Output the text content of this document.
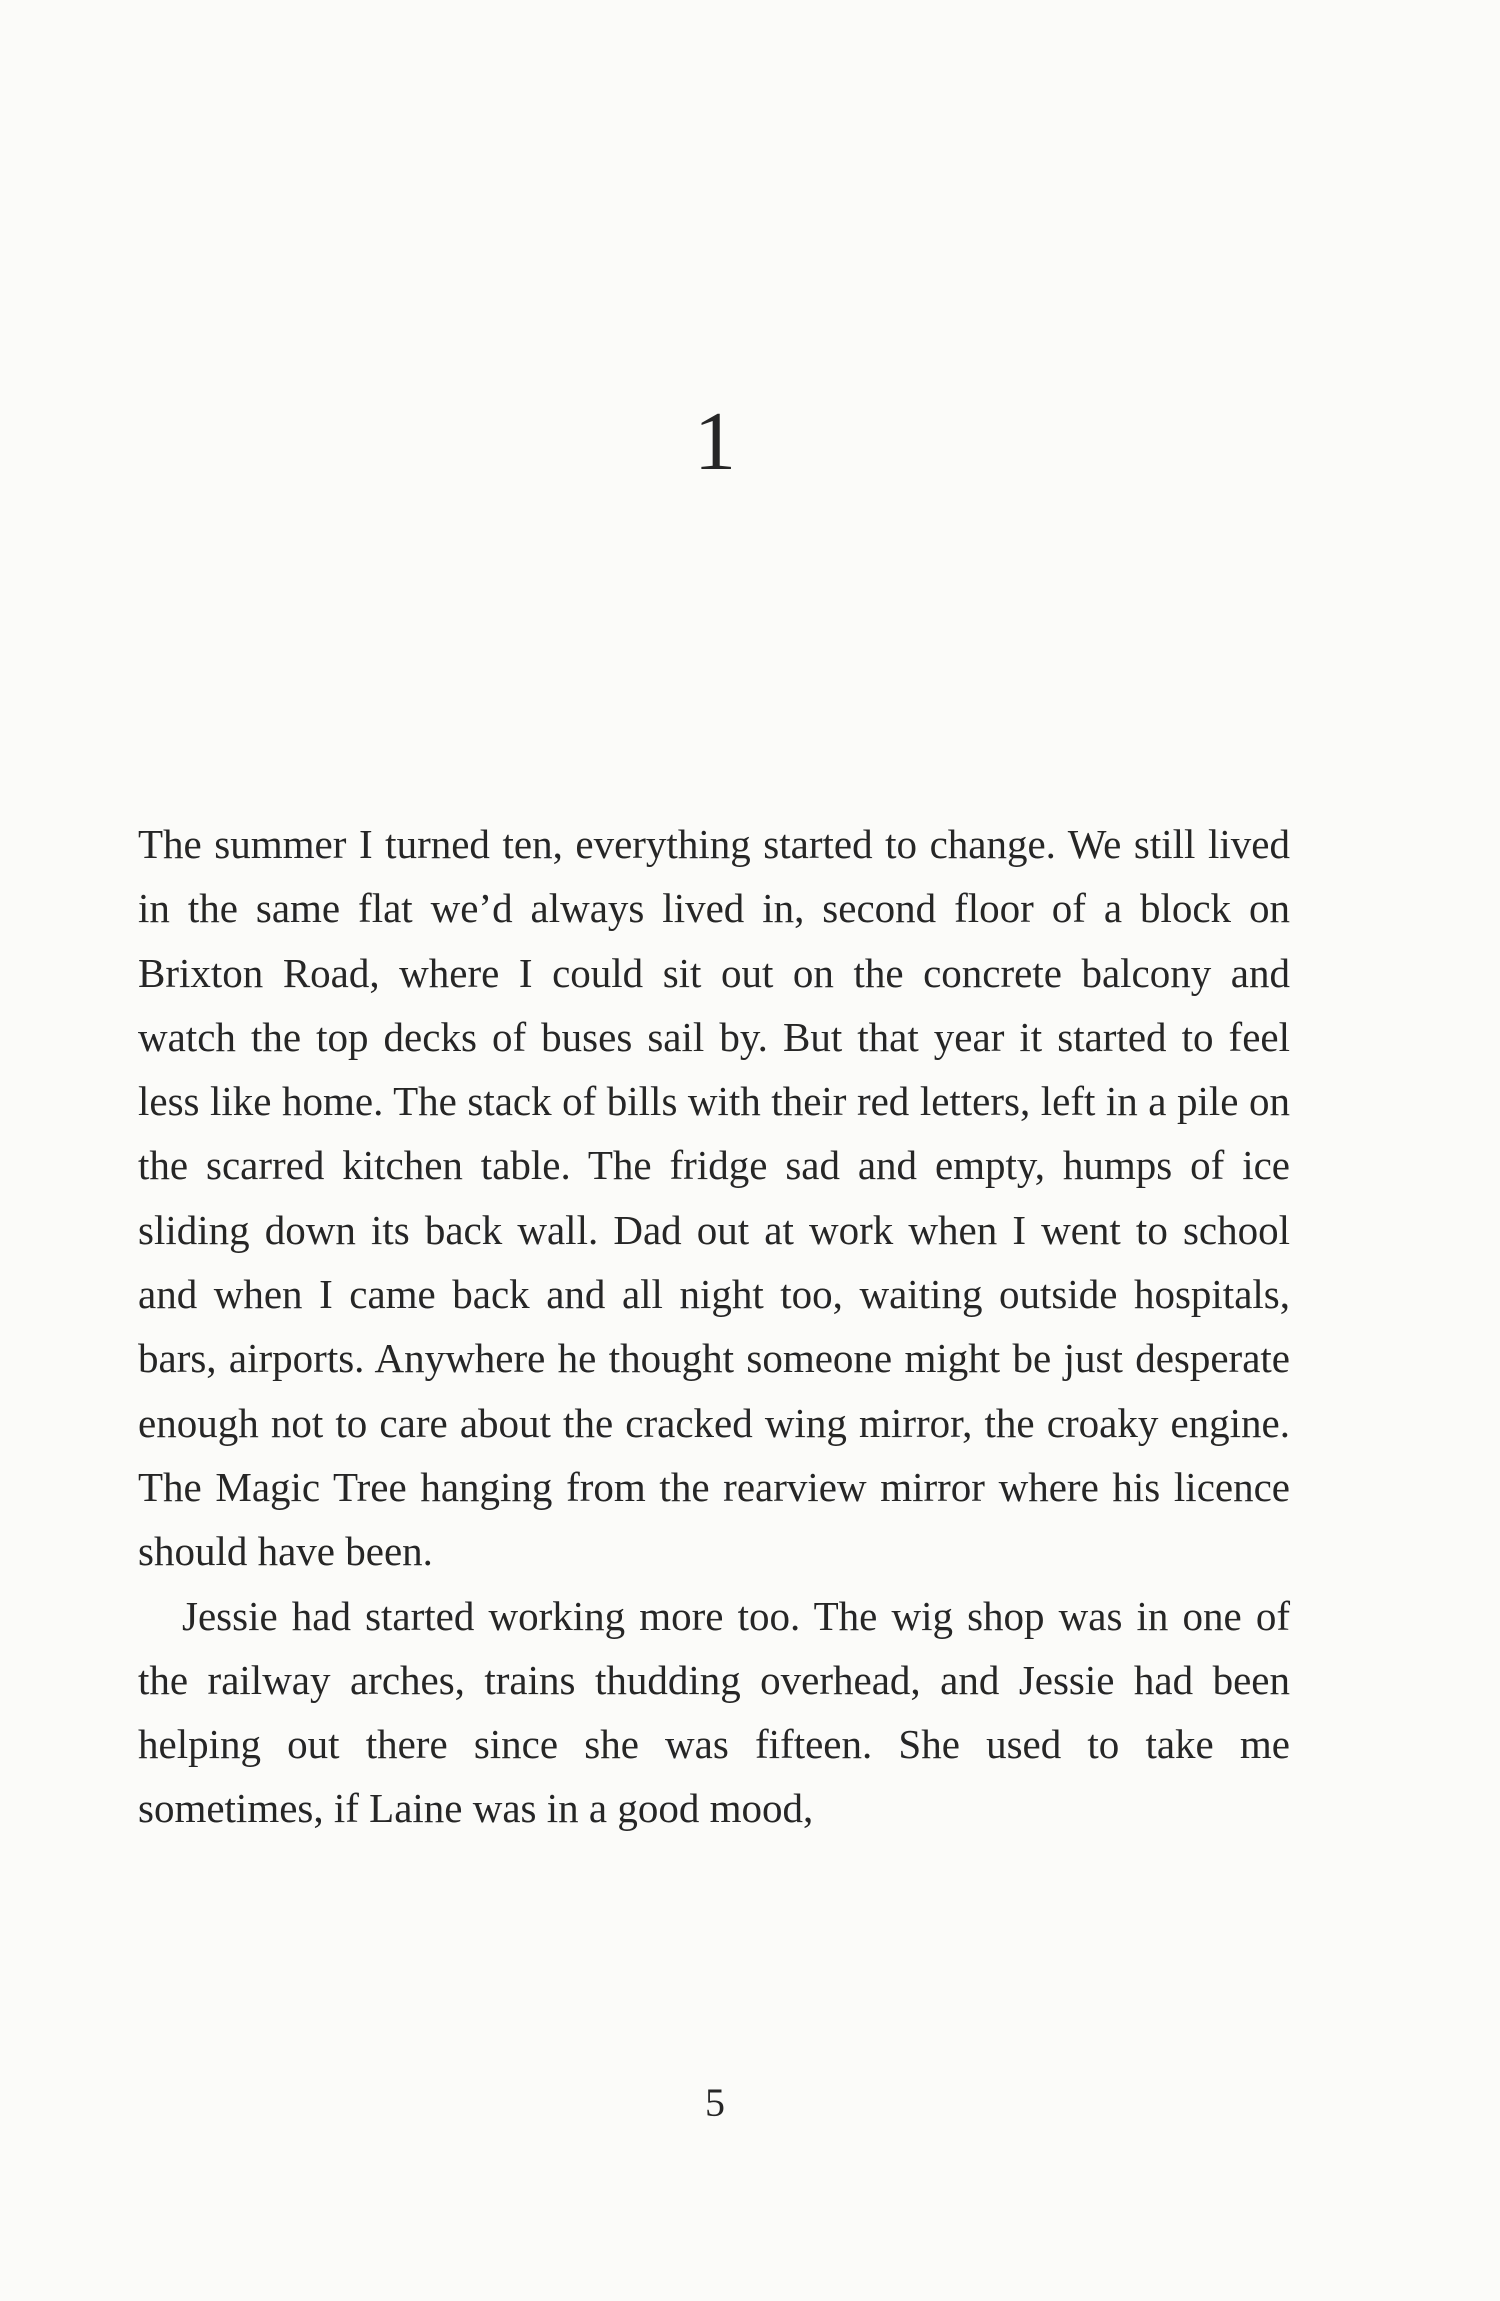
1

The summer I turned ten, everything started to change. We still lived in the same flat we’d always lived in, second floor of a block on Brixton Road, where I could sit out on the concrete balcony and watch the top decks of buses sail by. But that year it started to feel less like home. The stack of bills with their red letters, left in a pile on the scarred kitchen table. The fridge sad and empty, humps of ice sliding down its back wall. Dad out at work when I went to school and when I came back and all night too, waiting outside hospitals, bars, airports. Anywhere he thought someone might be just desperate enough not to care about the cracked wing mirror, the croaky engine. The Magic Tree hanging from the rearview mirror where his licence should have been.

Jessie had started working more too. The wig shop was in one of the railway arches, trains thudding overhead, and Jessie had been helping out there since she was fifteen. She used to take me sometimes, if Laine was in a good mood,

5
